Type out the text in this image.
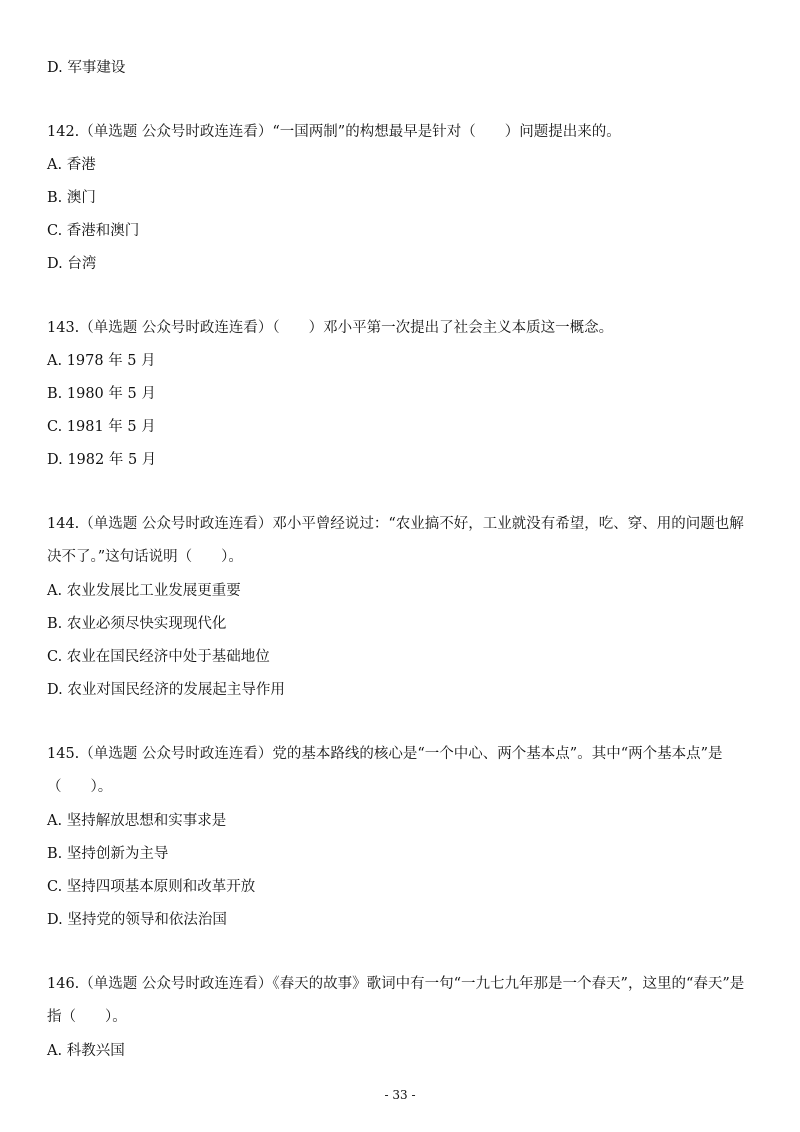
D. 军事建设
142.（单选题 公众号时政连连看）“一国两制”的构想最早是针对（　　）问题提出来的。
A. 香港
B. 澳门
C. 香港和澳门
D. 台湾
143.（单选题 公众号时政连连看）（　　）邓小平第一次提出了社会主义本质这一概念。
A. 1978 年 5 月
B. 1980 年 5 月
C. 1981 年 5 月
D. 1982 年 5 月
144.（单选题 公众号时政连连看）邓小平曾经说过：“农业搞不好，工业就没有希望，吃、穿、用的问题也解决不了。”这句话说明（　　）。
A. 农业发展比工业发展更重要
B. 农业必须尽快实现现代化
C. 农业在国民经济中处于基础地位
D. 农业对国民经济的发展起主导作用
145.（单选题 公众号时政连连看）党的基本路线的核心是“一个中心、两个基本点”。其中“两个基本点”是（　　）。
A. 坚持解放思想和实事求是
B. 坚持创新为主导
C. 坚持四项基本原则和改革开放
D. 坚持党的领导和依法治国
146.（单选题 公众号时政连连看）《春天的故事》歌词中有一句“一九七九年那是一个春天”，这里的“春天”是指（　　）。
A. 科教兴国
- 33 -
